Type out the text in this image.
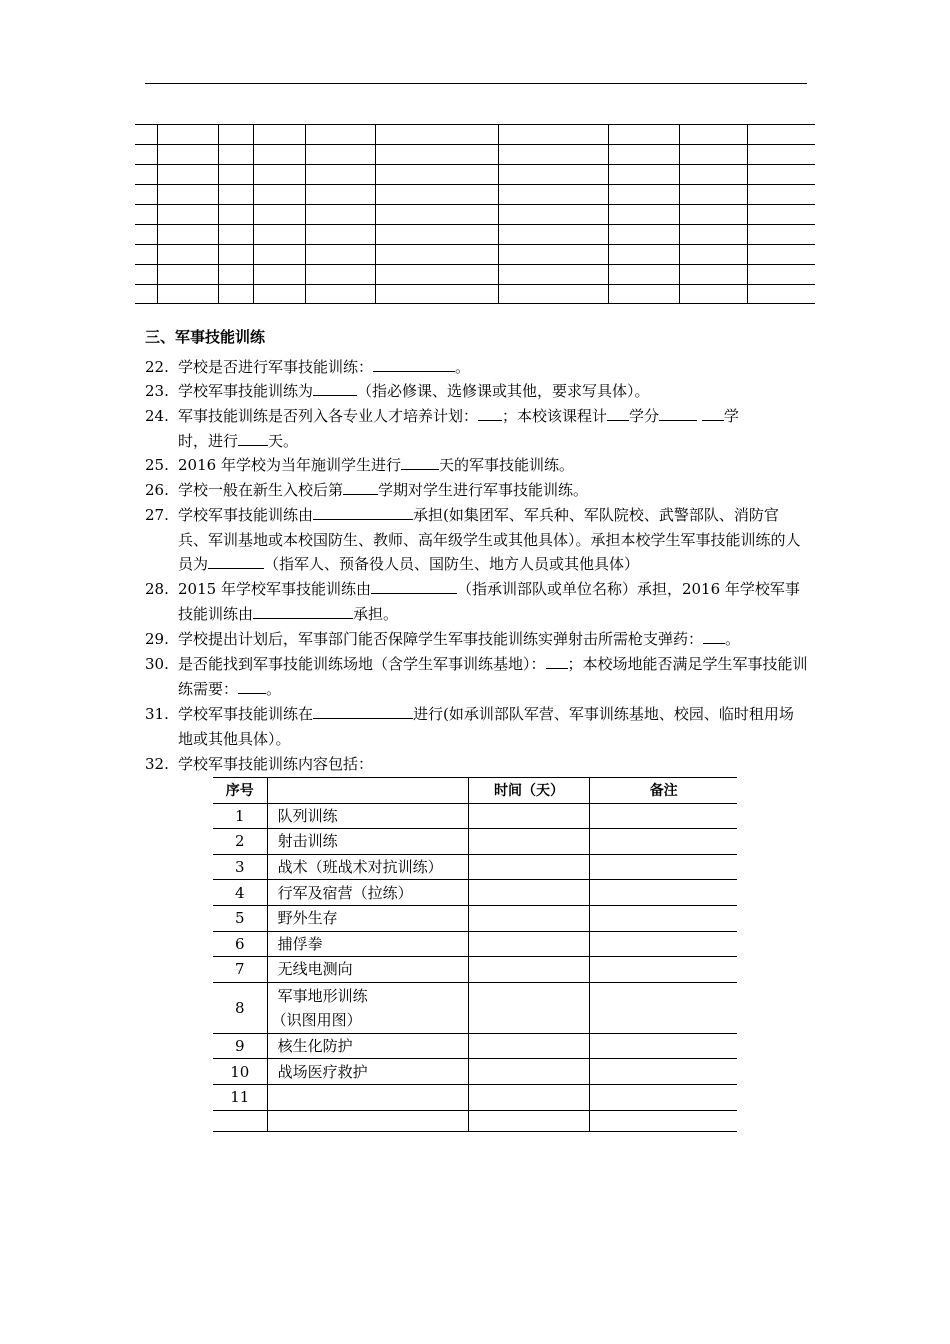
三、军事技能训练
22. 学校是否进行军事技能训练：	。
23. 学校军事技能训练为	（指必修课、选修课或其他，要求写具体）。
24. 军事技能训练是否列入各专业人才培养计划： ；本校该课程计 学分	学时，进行 天。
25. 2016 年学校为当年施训学生进行	天的军事技能训练。
26. 学校一般在新生入校后第 学期对学生进行军事技能训练。
27. 学校军事技能训练由	承担(如集团军、军兵种、军队院校、武警部队、消防官兵、军训基地或本校国防生、教师、高年级学生或其他具体）。承担本校学生军事技能训练的人员为	（指军人、预备役人员、国防生、地方人员或其他具体）
28. 2015 年学校军事技能训练由	（指承训部队或单位名称）承担，2016 年学校军事技能训练由	承担。
29. 学校提出计划后，军事部门能否保障学生军事技能训练实弹射击所需枪支弹药： 。
30. 是否能找到军事技能训练场地（含学生军事训练基地）： ；本校场地能否满足学生军事技能训练需要： 。
31. 学校军事技能训练在	进行(如承训部队军营、军事训练基地、校园、临时租用场地或其他具体）。
32. 学校军事技能训练内容包括：
序号		时间（天）	备注
1	队列训练		
2	射击训练		
3	战术（班战术对抗训练）		
4	行军及宿营（拉练）		
5	野外生存		
6	捕俘拳		
7	无线电测向		
8	军事地形训练
（识图用图）		

9	核生化防护		
10	战场医疗救护		
11			
